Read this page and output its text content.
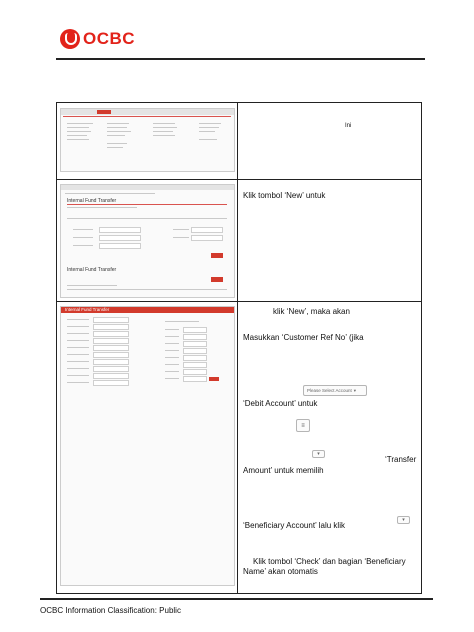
OCBC
Ini
Internal Fund Transfer
Internal Fund Transfer
Klik tombol ‘New’ untuk
Internal Fund Transfer	klik ‘New’, maka akan
Masukkan ‘Customer Ref No’ (jika
Please Select Account ▾
‘Debit Account’ untuk
≡
▾
‘Transfer
Amount’ untuk memilih
▾
‘Beneficiary Account’ lalu klik
Klik tombol ‘Check’ dan bagian ‘Beneficiary
Name’ akan otomatis
OCBC Information Classification: Public
